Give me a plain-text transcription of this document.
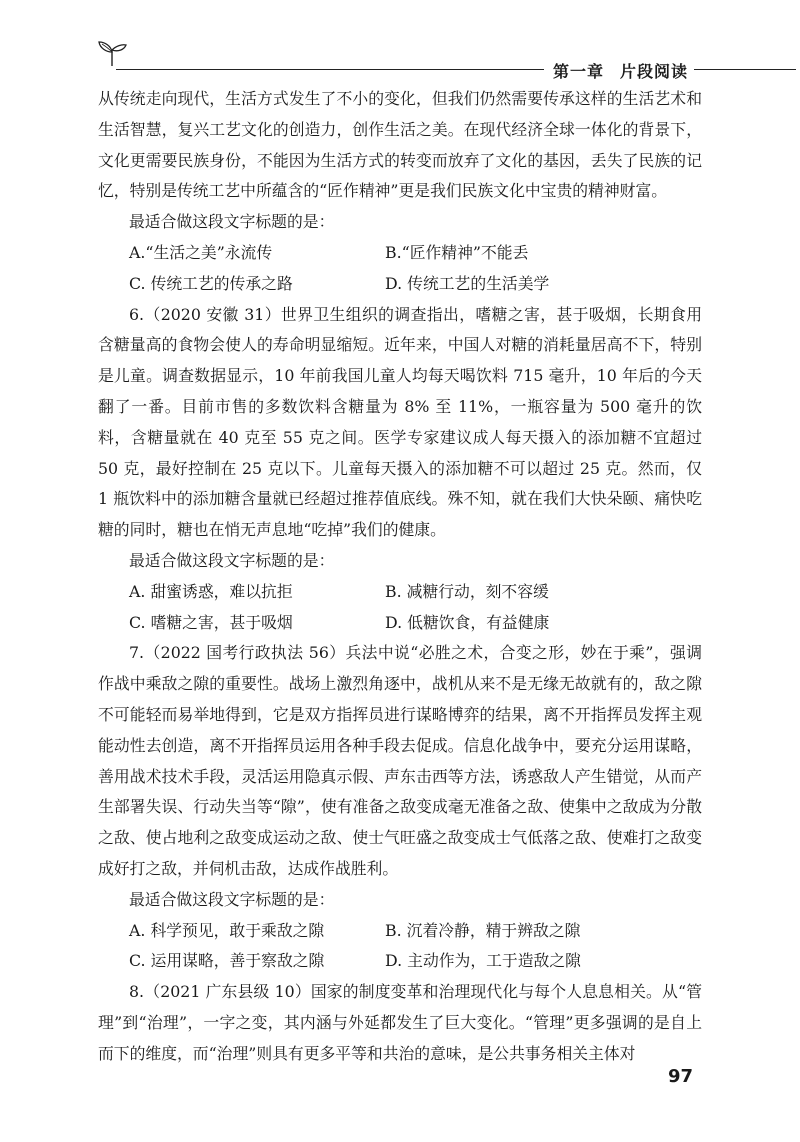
第一章 片段阅读

从传统走向现代，生活方式发生了不小的变化，但我们仍然需要传承这样的生活艺术和生活智慧，复兴工艺文化的创造力，创作生活之美。在现代经济全球一体化的背景下，文化更需要民族身份，不能因为生活方式的转变而放弃了文化的基因，丢失了民族的记忆，特别是传统工艺中所蕴含的“匠作精神”更是我们民族文化中宝贵的精神财富。

最适合做这段文字标题的是：

A.“生活之美”永流传	B.“匠作精神”不能丢
C. 传统工艺的传承之路	D. 传统工艺的生活美学

6.（2020 安徽 31）世界卫生组织的调查指出，嗜糖之害，甚于吸烟，长期食用含糖量高的食物会使人的寿命明显缩短。近年来，中国人对糖的消耗量居高不下，特别是儿童。调查数据显示，10 年前我国儿童人均每天喝饮料 715 毫升，10 年后的今天翻了一番。目前市售的多数饮料含糖量为 8% 至 11%，一瓶容量为 500 毫升的饮料，含糖量就在 40 克至 55 克之间。医学专家建议成人每天摄入的添加糖不宜超过 50 克，最好控制在 25 克以下。儿童每天摄入的添加糖不可以超过 25 克。然而，仅 1 瓶饮料中的添加糖含量就已经超过推荐值底线。殊不知，就在我们大快朵颐、痛快吃糖的同时，糖也在悄无声息地“吃掉”我们的健康。

最适合做这段文字标题的是：

A. 甜蜜诱惑，难以抗拒	B. 减糖行动，刻不容缓
C. 嗜糖之害，甚于吸烟	D. 低糖饮食，有益健康

7.（2022 国考行政执法 56）兵法中说“必胜之术，合变之形，妙在于乘”，强调作战中乘敌之隙的重要性。战场上激烈角逐中，战机从来不是无缘无故就有的，敌之隙不可能轻而易举地得到，它是双方指挥员进行谋略博弈的结果，离不开指挥员发挥主观能动性去创造，离不开指挥员运用各种手段去促成。信息化战争中，要充分运用谋略，善用战术技术手段，灵活运用隐真示假、声东击西等方法，诱惑敌人产生错觉，从而产生部署失误、行动失当等“隙”，使有准备之敌变成毫无准备之敌、使集中之敌成为分散之敌、使占地利之敌变成运动之敌、使士气旺盛之敌变成士气低落之敌、使难打之敌变成好打之敌，并伺机击敌，达成作战胜利。

最适合做这段文字标题的是：

A. 科学预见，敢于乘敌之隙	B. 沉着冷静，精于辨敌之隙
C. 运用谋略，善于察敌之隙	D. 主动作为，工于造敌之隙

8.（2021 广东县级 10）国家的制度变革和治理现代化与每个人息息相关。从“管理”到“治理”，一字之变，其内涵与外延都发生了巨大变化。“管理”更多强调的是自上而下的维度，而“治理”则具有更多平等和共治的意味，是公共事务相关主体对

97
